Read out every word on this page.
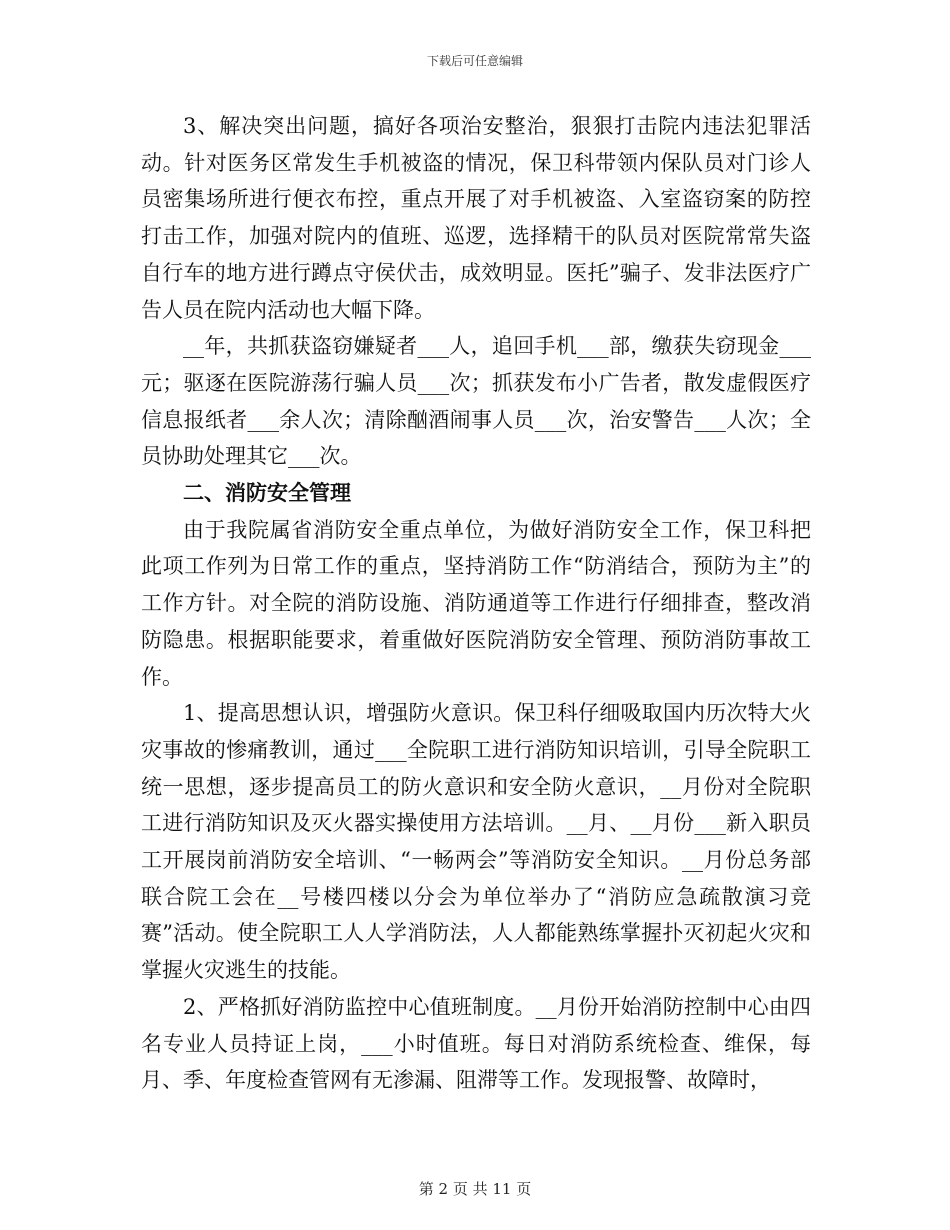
下载后可任意编辑

3、解决突出问题，搞好各项治安整治，狠狠打击院内违法犯罪活动。针对医务区常发生手机被盗的情况，保卫科带领内保队员对门诊人员密集场所进行便衣布控，重点开展了对手机被盗、入室盗窃案的防控打击工作，加强对院内的值班、巡逻，选择精干的队员对医院常常失盗自行车的地方进行蹲点守侯伏击，成效明显。医托”骗子、发非法医疗广告人员在院内活动也大幅下降。

__年，共抓获盗窃嫌疑者___人，追回手机___部，缴获失窃现金___元；驱逐在医院游荡行骗人员___次；抓获发布小广告者，散发虚假医疗信息报纸者___余人次；清除酗酒闹事人员___次，治安警告___人次；全员协助处理其它___次。

二、消防安全管理

由于我院属省消防安全重点单位，为做好消防安全工作，保卫科把此项工作列为日常工作的重点，坚持消防工作“防消结合，预防为主”的工作方针。对全院的消防设施、消防通道等工作进行仔细排查，整改消防隐患。根据职能要求，着重做好医院消防安全管理、预防消防事故工作。

1、提高思想认识，增强防火意识。保卫科仔细吸取国内历次特大火灾事故的惨痛教训，通过___全院职工进行消防知识培训，引导全院职工统一思想，逐步提高员工的防火意识和安全防火意识，__月份对全院职工进行消防知识及灭火器实操使用方法培训。__月、__月份___新入职员工开展岗前消防安全培训、“一畅两会”等消防安全知识。__月份总务部联合院工会在__号楼四楼以分会为单位举办了“消防应急疏散演习竞赛”活动。使全院职工人人学消防法，人人都能熟练掌握扑灭初起火灾和掌握火灾逃生的技能。

2、严格抓好消防监控中心值班制度。__月份开始消防控制中心由四名专业人员持证上岗，___小时值班。每日对消防系统检查、维保，每月、季、年度检查管网有无渗漏、阻滞等工作。发现报警、故障时，

第 2 页 共 11 页
